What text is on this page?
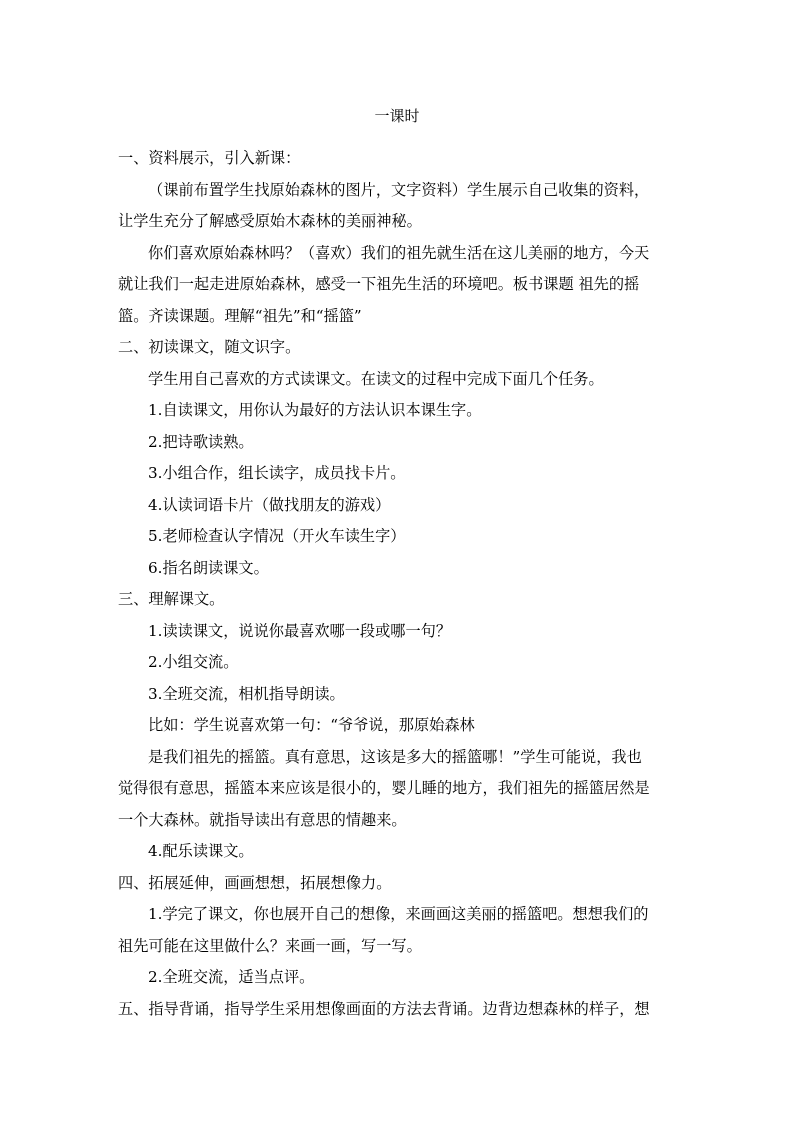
一课时
一、资料展示，引入新课：
（课前布置学生找原始森林的图片，文字资料）学生展示自己收集的资料，
让学生充分了解感受原始木森林的美丽神秘。
你们喜欢原始森林吗？（喜欢）我们的祖先就生活在这儿美丽的地方，今天
就让我们一起走进原始森林，感受一下祖先生活的环境吧。板书课题 祖先的摇
篮。齐读课题。理解“祖先”和“摇篮”
二、初读课文，随文识字。
学生用自己喜欢的方式读课文。在读文的过程中完成下面几个任务。
1.自读课文，用你认为最好的方法认识本课生字。
2.把诗歌读熟。
3.小组合作，组长读字，成员找卡片。
4.认读词语卡片（做找朋友的游戏）
5.老师检查认字情况（开火车读生字）
6.指名朗读课文。
三、理解课文。
1.读读课文，说说你最喜欢哪一段或哪一句？
2.小组交流。
3.全班交流，相机指导朗读。
比如：学生说喜欢第一句：“爷爷说，那原始森林
是我们祖先的摇篮。真有意思，这该是多大的摇篮哪！”学生可能说，我也
觉得很有意思，摇篮本来应该是很小的，婴儿睡的地方，我们祖先的摇篮居然是
一个大森林。就指导读出有意思的情趣来。
4.配乐读课文。
四、拓展延伸，画画想想，拓展想像力。
1.学完了课文，你也展开自己的想像，来画画这美丽的摇篮吧。想想我们的
祖先可能在这里做什么？来画一画，写一写。
2.全班交流，适当点评。
五、指导背诵，指导学生采用想像画面的方法去背诵。边背边想森林的样子，想
